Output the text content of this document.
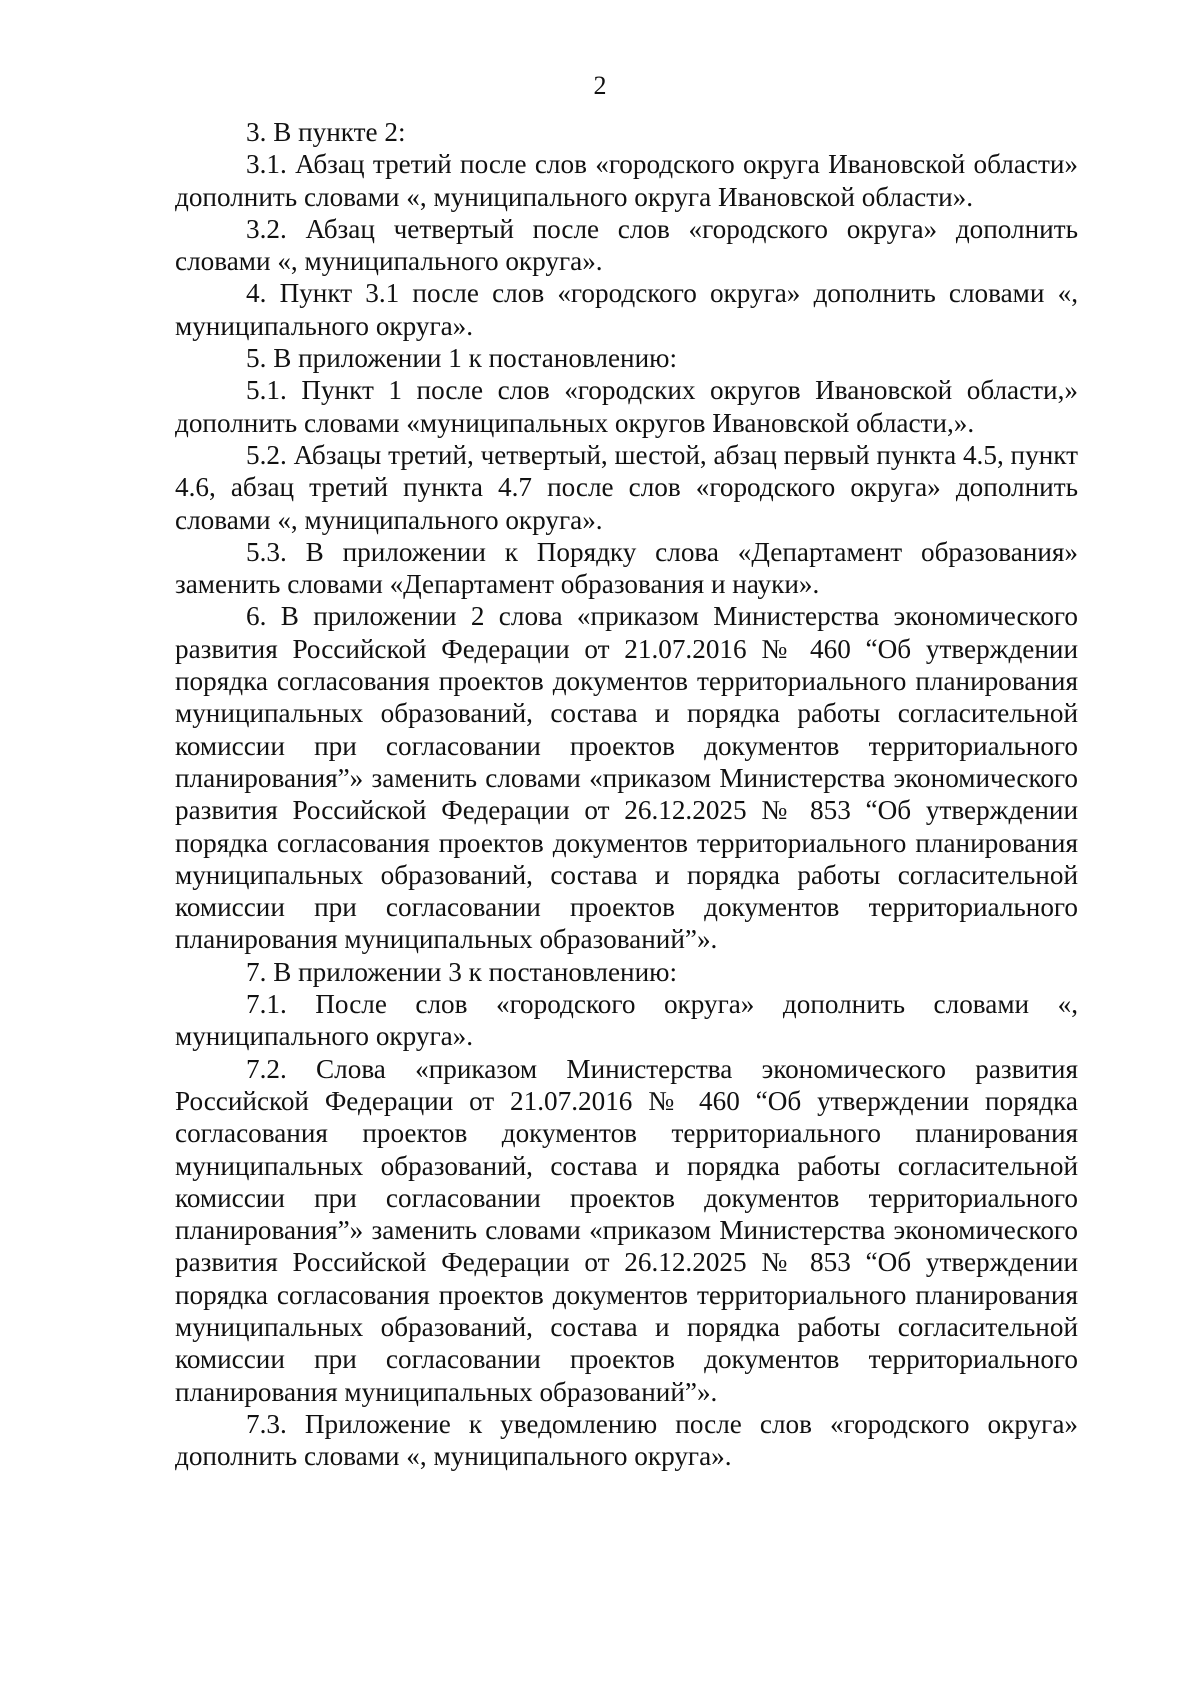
2

3. В пункте 2:

3.1. Абзац третий после слов «городского округа Ивановской области» дополнить словами «, муниципального округа Ивановской области».

3.2. Абзац четвертый после слов «городского округа» дополнить словами «, муниципального округа».

4. Пункт 3.1 после слов «городского округа» дополнить словами «, муниципального округа».

5. В приложении 1 к постановлению:

5.1. Пункт 1 после слов «городских округов Ивановской области,» дополнить словами «муниципальных округов Ивановской области,».

5.2. Абзацы третий, четвертый, шестой, абзац первый пункта 4.5, пункт 4.6, абзац третий пункта 4.7 после слов «городского округа» дополнить словами «, муниципального округа».

5.3. В приложении к Порядку слова «Департамент образования» заменить словами «Департамент образования и науки».

6. В приложении 2 слова «приказом Министерства экономического развития Российской Федерации от 21.07.2016 № 460 “Об утверждении порядка согласования проектов документов территориального планирования муниципальных образований, состава и порядка работы согласительной комиссии при согласовании проектов документов территориального планирования”» заменить словами «приказом Министерства экономического развития Российской Федерации от 26.12.2025 № 853 “Об утверждении порядка согласования проектов документов территориального планирования муниципальных образований, состава и порядка работы согласительной комиссии при согласовании проектов документов территориального планирования муниципальных образований”».

7. В приложении 3 к постановлению:

7.1. После слов «городского округа» дополнить словами «, муниципального округа».

7.2. Слова «приказом Министерства экономического развития Российской Федерации от 21.07.2016 № 460 “Об утверждении порядка согласования проектов документов территориального планирования муниципальных образований, состава и порядка работы согласительной комиссии при согласовании проектов документов территориального планирования”» заменить словами «приказом Министерства экономического развития Российской Федерации от 26.12.2025 № 853 “Об утверждении порядка согласования проектов документов территориального планирования муниципальных образований, состава и порядка работы согласительной комиссии при согласовании проектов документов территориального планирования муниципальных образований”».

7.3. Приложение к уведомлению после слов «городского округа» дополнить словами «, муниципального округа».
